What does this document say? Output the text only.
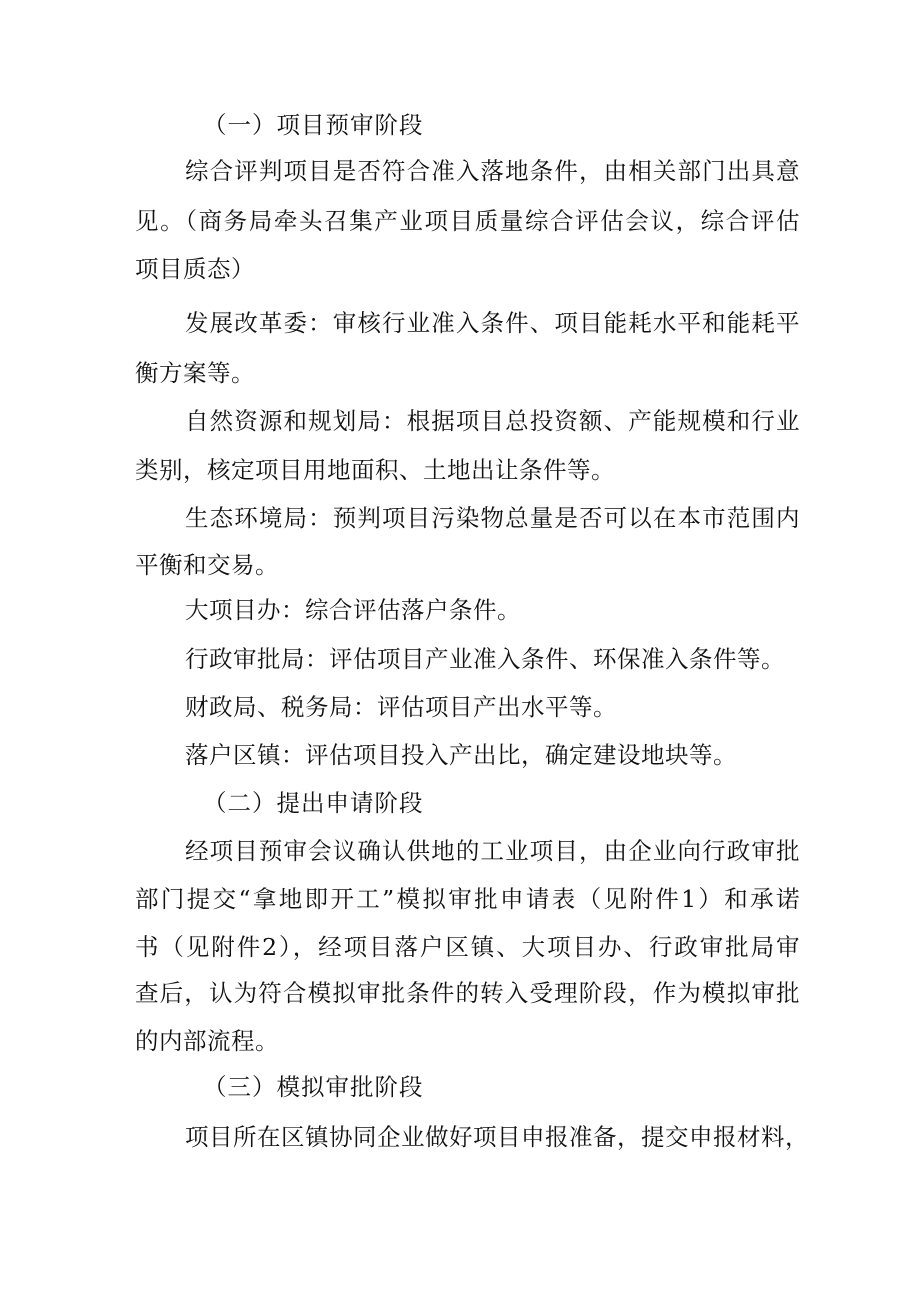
（一）项目预审阶段
综合评判项目是否符合准入落地条件，由相关部门出具意
见。（商务局牵头召集产业项目质量综合评估会议，综合评估
项目质态）
发展改革委：审核行业准入条件、项目能耗水平和能耗平
衡方案等。
自然资源和规划局：根据项目总投资额、产能规模和行业
类别，核定项目用地面积、土地出让条件等。
生态环境局：预判项目污染物总量是否可以在本市范围内
平衡和交易。
大项目办：综合评估落户条件。
行政审批局：评估项目产业准入条件、环保准入条件等。
财政局、税务局：评估项目产出水平等。
落户区镇：评估项目投入产出比，确定建设地块等。
（二）提出申请阶段
经项目预审会议确认供地的工业项目，由企业向行政审批
部门提交“拿地即开工”模拟审批申请表（见附件1）和承诺
书（见附件2），经项目落户区镇、大项目办、行政审批局审
查后，认为符合模拟审批条件的转入受理阶段，作为模拟审批
的内部流程。
（三）模拟审批阶段
项目所在区镇协同企业做好项目申报准备，提交申报材料，
